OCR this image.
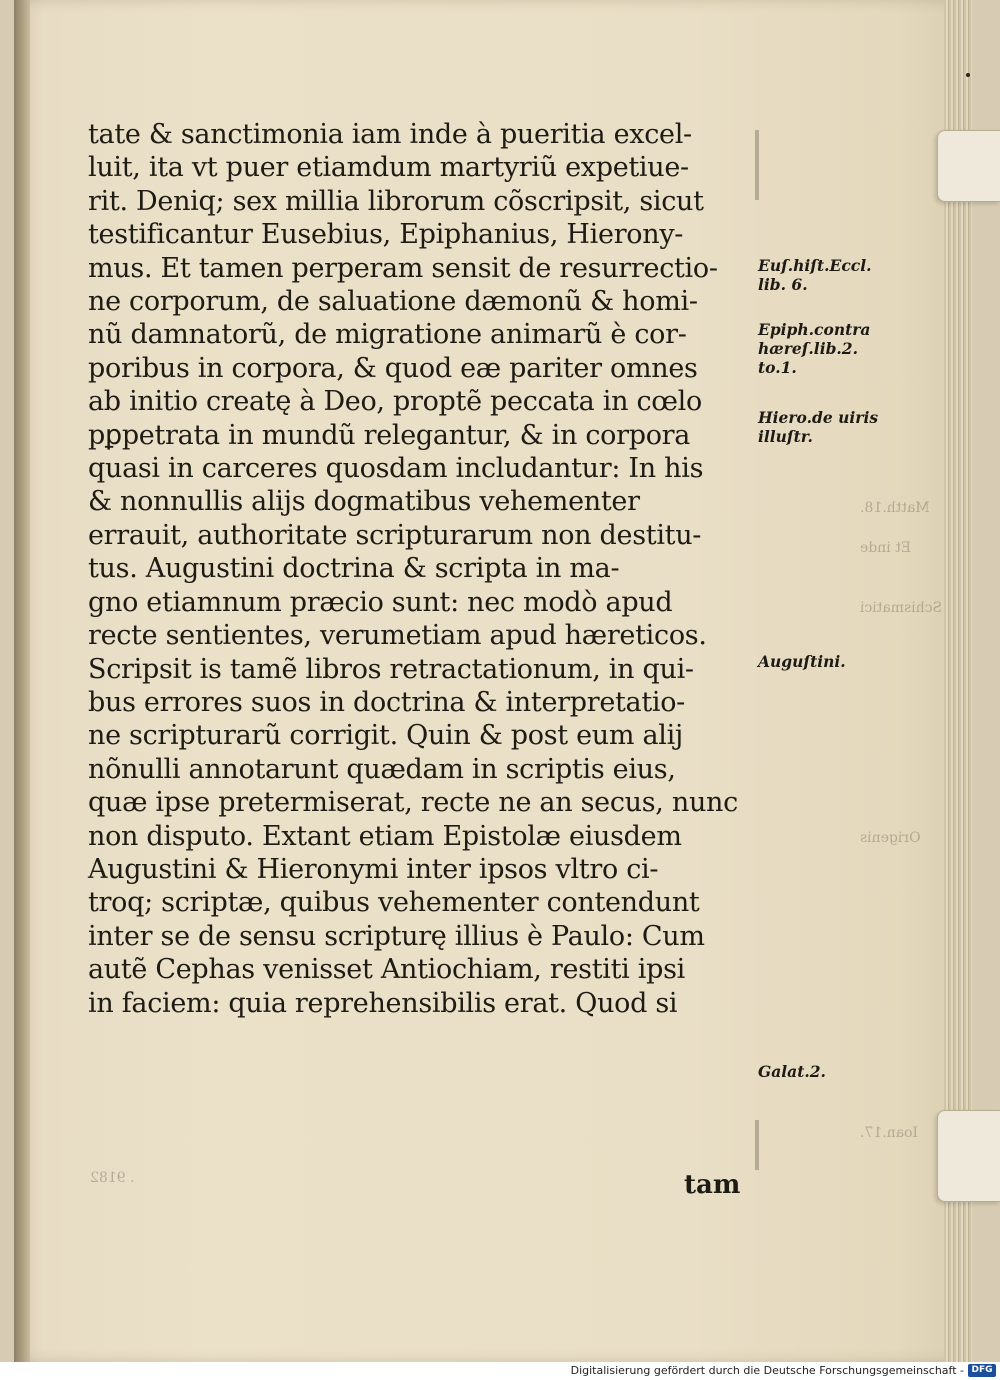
Matth.18.
Et inde
Schismatici
Origenis
Ioan.17.
. 9182
tate & sanctimonia iam inde à pueritia excel-
luit, ita vt puer etiamdum martyriũ expetiue-
rit. Deniq; sex millia librorum cõscripsit, sicut
testificantur Eusebius, Epiphanius, Hierony-
mus. Et tamen perperam sensit de resurrectio-
ne corporum, de saluatione dæmonũ & homi-
nũ damnatorũ, de migratione animarũ è cor-
poribus in corpora, & quod eæ pariter omnes
ab initio creatę à Deo, proptẽ peccata in cœlo
pꝑpetrata in mundũ relegantur, & in corpora
quasi in carceres quosdam includantur: In his
& nonnullis alijs dogmatibus vehementer
errauit, authoritate scripturarum non destitu-
tus. Augustini doctrina & scripta in ma-
gno etiamnum præcio sunt: nec modò apud
recte sentientes, verumetiam apud hæreticos.
Scripsit is tamẽ libros retractationum, in qui-
bus errores suos in doctrina & interpretatio-
ne scripturarũ corrigit. Quin & post eum alij
nõnulli annotarunt quædam in scriptis eius,
quæ ipse pretermiserat, recte ne an secus, nunc
non disputo. Extant etiam Epistolæ eiusdem
Augustini & Hieronymi inter ipsos vltro ci-
troq; scriptæ, quibus vehementer contendunt
inter se de sensu scripturę illius è Paulo: Cum
autẽ Cephas venisset Antiochiam, restiti ipsi
in faciem: quia reprehensibilis erat. Quod si
tam
Euſ.hiſt.Eccl.
lib. 6.
Epiph.contra
hæreſ.lib.2.
to.1.
Hiero.de uiris
illuſtr.
Auguſtini.
Galat.2.
Digitalisierung gefördert durch die Deutsche Forschungsgemeinschaft - DFG
